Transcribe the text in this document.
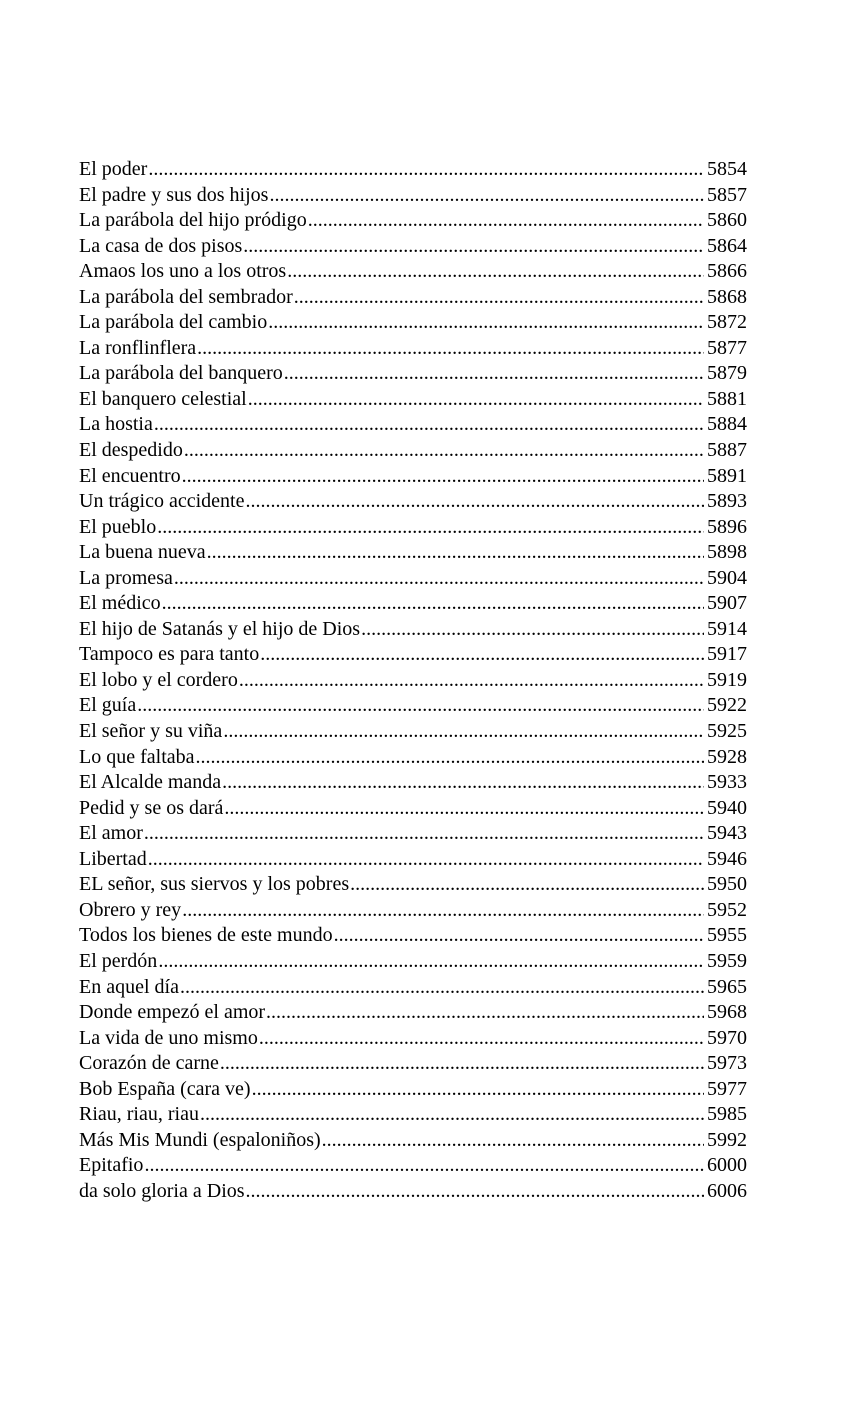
El poder .....	5854
El padre y sus dos hijos .....	5857
La parábola del hijo pródigo .....	5860
La casa de dos pisos .....	5864
Amaos los uno a los otros .....	5866
La parábola del sembrador .....	5868
La parábola del cambio .....	5872
La ronflinflera .....	5877
La parábola del banquero .....	5879
El banquero celestial .....	5881
La hostia .....	5884
El despedido .....	5887
El encuentro .....	5891
Un trágico accidente .....	5893
El pueblo .....	5896
La buena nueva .....	5898
La promesa .....	5904
El médico .....	5907
El hijo de Satanás y el hijo de Dios .....	5914
Tampoco es para tanto .....	5917
El lobo y el cordero .....	5919
El guía .....	5922
El señor y su viña .....	5925
Lo que faltaba .....	5928
El Alcalde manda .....	5933
Pedid y se os dará .....	5940
El amor .....	5943
Libertad .....	5946
EL señor, sus siervos y los pobres .....	5950
Obrero y rey .....	5952
Todos los bienes de este mundo .....	5955
El perdón .....	5959
En aquel día .....	5965
Donde empezó el amor .....	5968
La vida de uno mismo .....	5970
Corazón de carne .....	5973
Bob España (cara ve) .....	5977
Riau, riau, riau .....	5985
Más Mis Mundi (espaloniños) .....	5992
Epitafio .....	6000
da solo gloria a Dios .....	6006
